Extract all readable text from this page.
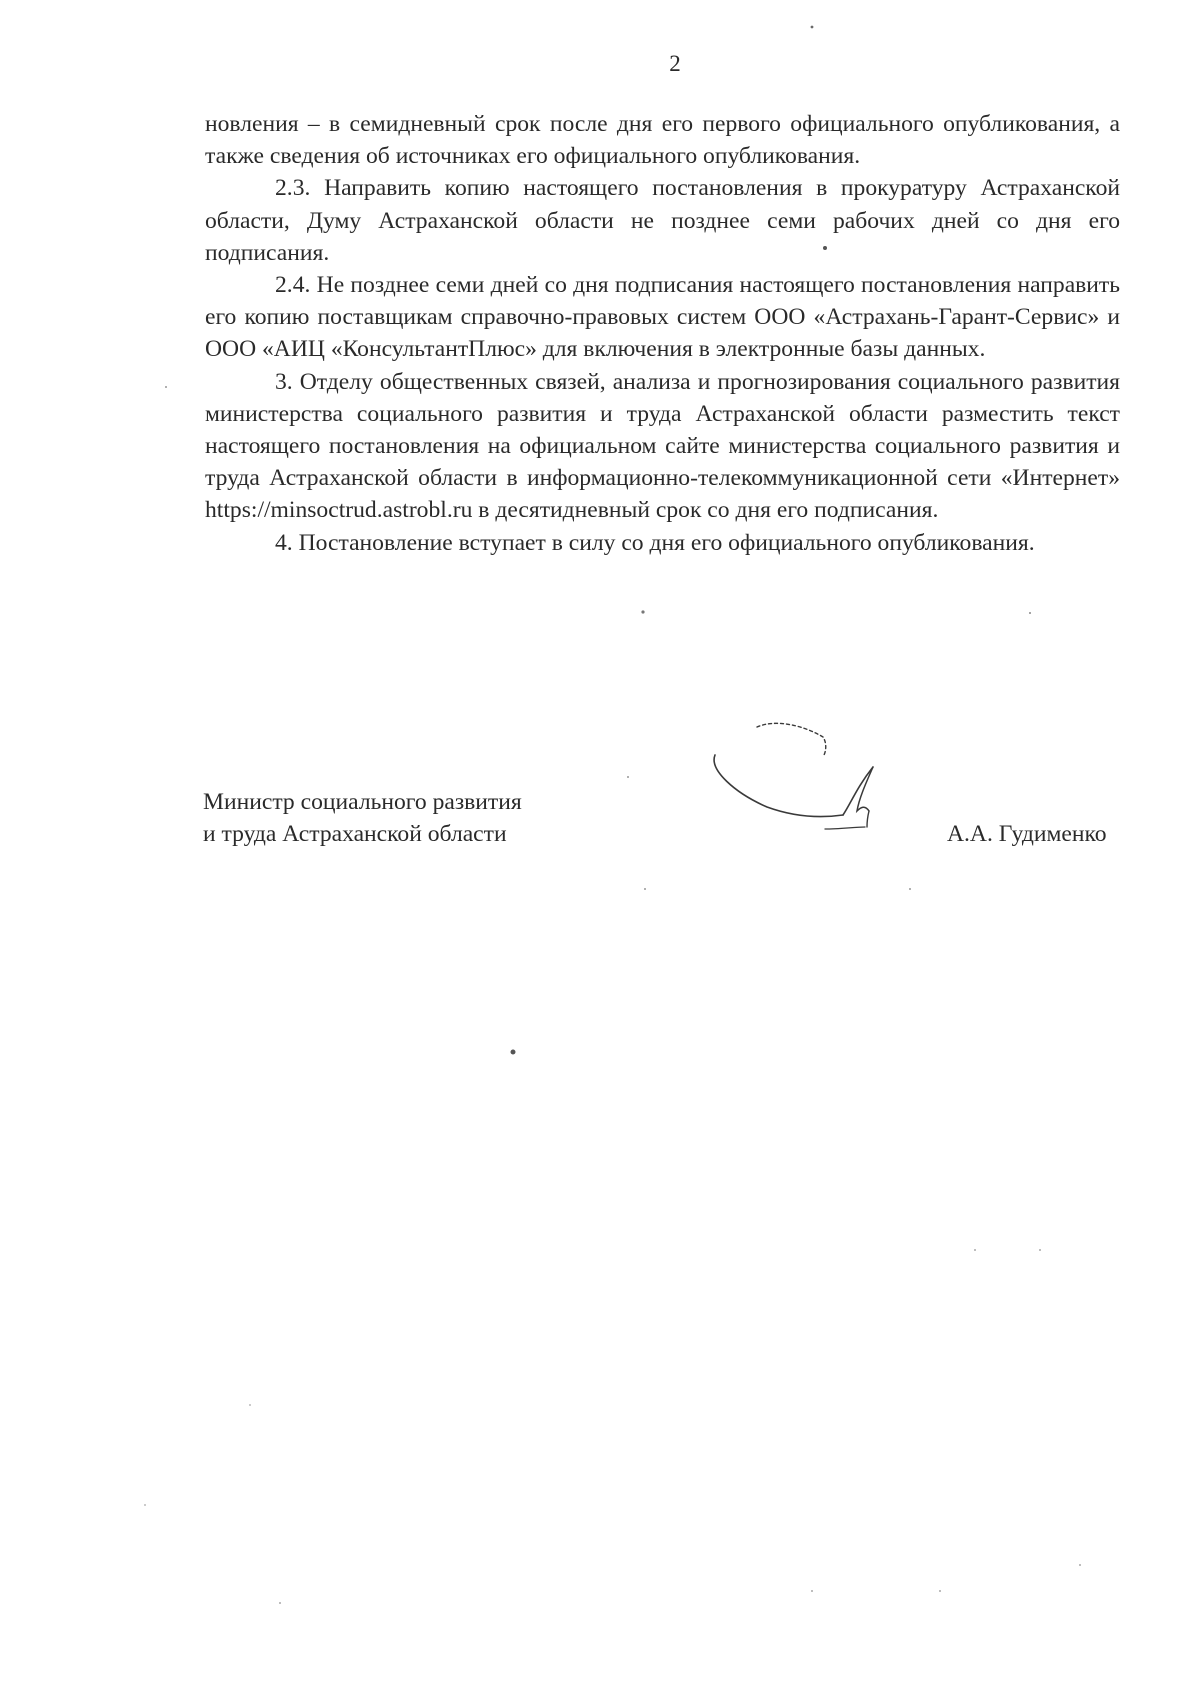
2

новления – в семидневный срок после дня его первого официального опубликования, а также сведения об источниках его официального опубликования.

2.3. Направить копию настоящего постановления в прокуратуру Астраханской области, Думу Астраханской области не позднее семи рабочих дней со дня его подписания.

2.4. Не позднее семи дней со дня подписания настоящего постановления направить его копию поставщикам справочно-правовых систем ООО «Астрахань-Гарант-Сервис» и ООО «АИЦ «КонсультантПлюс» для включения в электронные базы данных.

3. Отделу общественных связей, анализа и прогнозирования социального развития министерства социального развития и труда Астраханской области разместить текст настоящего постановления на официальном сайте министерства социального развития и труда Астраханской области в информационно-телекоммуникационной сети «Интернет» https://minsoctrud.astrobl.ru в десятидневный срок со дня его подписания.

4. Постановление вступает в силу со дня его официального опубликования.

Министр социального развития
и труда Астраханской области	А.А. Гудименко
